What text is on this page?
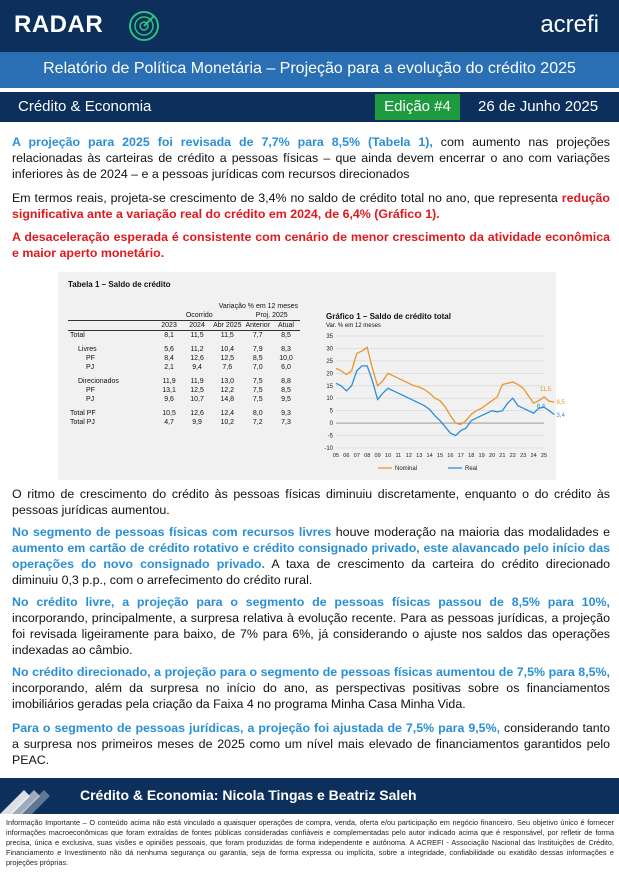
RADAR	acrefi
Relatório de Política Monetária – Projeção para a evolução do crédito 2025
Crédito & Economia	Edição #4	26 de Junho 2025
A projeção para 2025 foi revisada de 7,7% para 8,5% (Tabela 1), com aumento nas projeções relacionadas às carteiras de crédito a pessoas físicas – que ainda devem encerrar o ano com variações inferiores às de 2024 – e a pessoas jurídicas com recursos direcionados
Em termos reais, projeta-se crescimento de 3,4% no saldo de crédito total no ano, que representa redução significativa ante a variação real do crédito em 2024, de 6,4% (Gráfico 1).
A desaceleração esperada é consistente com cenário de menor crescimento da atividade econômica e maior aperto monetário.
Tabela 1 – Saldo de crédito
	Variação % em 12 meses				
	Ocorrido			Proj. 2025	
	2023	2024	Abr 2025	Anterior	Atual
Total	8,1	11,5	11,5	7,7	8,5

Livres	5,6	11,2	10,4	7,9	8,3
PF	8,4	12,6	12,5	8,5	10,0
PJ	2,1	9,4	7,6	7,0	6,0

Direcionados	11,9	11,9	13,0	7,5	8,8
PF	13,1	12,5	12,2	7,5	8,5
PJ	9,6	10,7	14,8	7,5	9,5

Total PF	10,5	12,6	12,4	8,0	9,3
Total PJ	4,7	9,9	10,2	7,2	7,3
Gráfico 1 – Saldo de crédito total
Var. % em 12 meses
-10
-5
0
5
10
15
20
25
30
35
05 06 07 08 09 10 11 12 13 14 15 16 17 18 19 20 21 22 23 24 25
11,5
8,5
6,4
3,4
Nominal	Real
O ritmo de crescimento do crédito às pessoas físicas diminuiu discretamente, enquanto o do crédito às pessoas jurídicas aumentou.
No segmento de pessoas físicas com recursos livres houve moderação na maioria das modalidades e aumento em cartão de crédito rotativo e crédito consignado privado, este alavancado pelo início das operações do novo consignado privado. A taxa de crescimento da carteira do crédito direcionado diminuiu 0,3 p.p., com o arrefecimento do crédito rural.
No crédito livre, a projeção para o segmento de pessoas físicas passou de 8,5% para 10%, incorporando, principalmente, a surpresa relativa à evolução recente. Para as pessoas jurídicas, a projeção foi revisada ligeiramente para baixo, de 7% para 6%, já considerando o ajuste nos saldos das operações indexadas ao câmbio.
No crédito direcionado, a projeção para o segmento de pessoas físicas aumentou de 7,5% para 8,5%, incorporando, além da surpresa no início do ano, as perspectivas positivas sobre os financiamentos imobiliários geradas pela criação da Faixa 4 no programa Minha Casa Minha Vida.
Para o segmento de pessoas jurídicas, a projeção foi ajustada de 7,5% para 9,5%, considerando tanto a surpresa nos primeiros meses de 2025 como um nível mais elevado de financiamentos garantidos pelo PEAC.
Crédito & Economia: Nicola Tingas e Beatriz Saleh
Informação Importante – O conteúdo acima não está vinculado a quaisquer operações de compra, venda, oferta e/ou participação em negócio financeiro. Seu objetivo único é fornecer informações macroeconômicas que foram extraídas de fontes públicas consideradas confiáveis e complementadas pelo autor indicado acima que é responsável, por refletir de forma precisa, única e exclusiva, suas visões e opiniões pessoais, que foram produzidas de forma independente e autônoma. A ACREFI - Associação Nacional das Instituições de Crédito, Financiamento e Investimento não dá nenhuma segurança ou garantia, seja de forma expressa ou implícita, sobre a integridade, confiabilidade ou exatidão dessas informações e projeções próprias.
